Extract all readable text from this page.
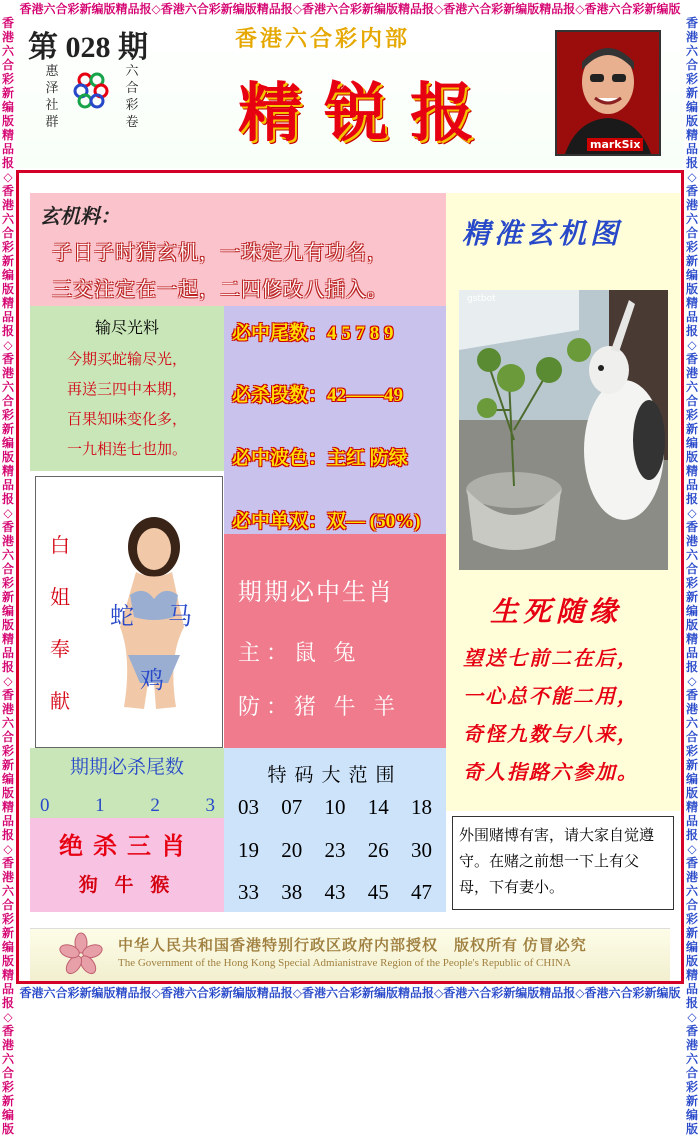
香港六合彩新编版精品报◇香港六合彩新编版精品报◇香港六合彩新编版精品报◇香港六合彩新编版精品报◇香港六合彩新编版
香港六合彩新编版精品报◇香港六合彩新编版精品报◇香港六合彩新编版精品报◇香港六合彩新编版精品报◇香港六合彩新编版
香港六合彩新编版精品报◇香港六合彩新编版精品报◇香港六合彩新编版精品报◇香港六合彩新编版精品报◇香港六合彩新编版精品报◇香港六合彩新编版精品报◇香港六合彩新编版
香港六合彩新编版精品报◇香港六合彩新编版精品报◇香港六合彩新编版精品报◇香港六合彩新编版精品报◇香港六合彩新编版精品报◇香港六合彩新编版精品报◇香港六合彩新编版
第 028 期
惠泽社群
六合彩卷
香港六合彩内部
精锐报	markSix
玄机料：
子日子时猜玄机，一珠定九有功名，
三交注定在一起，二四修改八插入。
输尽光料
今期买蛇输尽光，
再送三四中本期，
百果知味变化多，
一九相连七也加。
必中尾数：4 5 7 8 9
必杀段数：42——49
必中波色：主红 防绿
必中单双：双— (50%)
白
姐
奉
献
蛇 马
鸡
期期必中生肖
主：鼠 兔
防：猪 牛 羊
精准玄机图
gstbot
生死随缘
望送七前二在后，
一心总不能二用，
奇怪九数与八来，
奇人指路六参加。
外围赌博有害，请大家自觉遵守。在赌之前想一下上有父母，下有妻小。
期期必杀尾数
0 1 2 3
绝杀三肖
狗 牛 猴
特码大范围
03 07 10 14 18
19 20 23 26 30
33 38 43 45 47
中华人民共和国香港特别行政区政府内部授权　版权所有 仿冒必究
The Government of the Hong Kong Special Admianistrave Region of the People's Republic of CHINA
